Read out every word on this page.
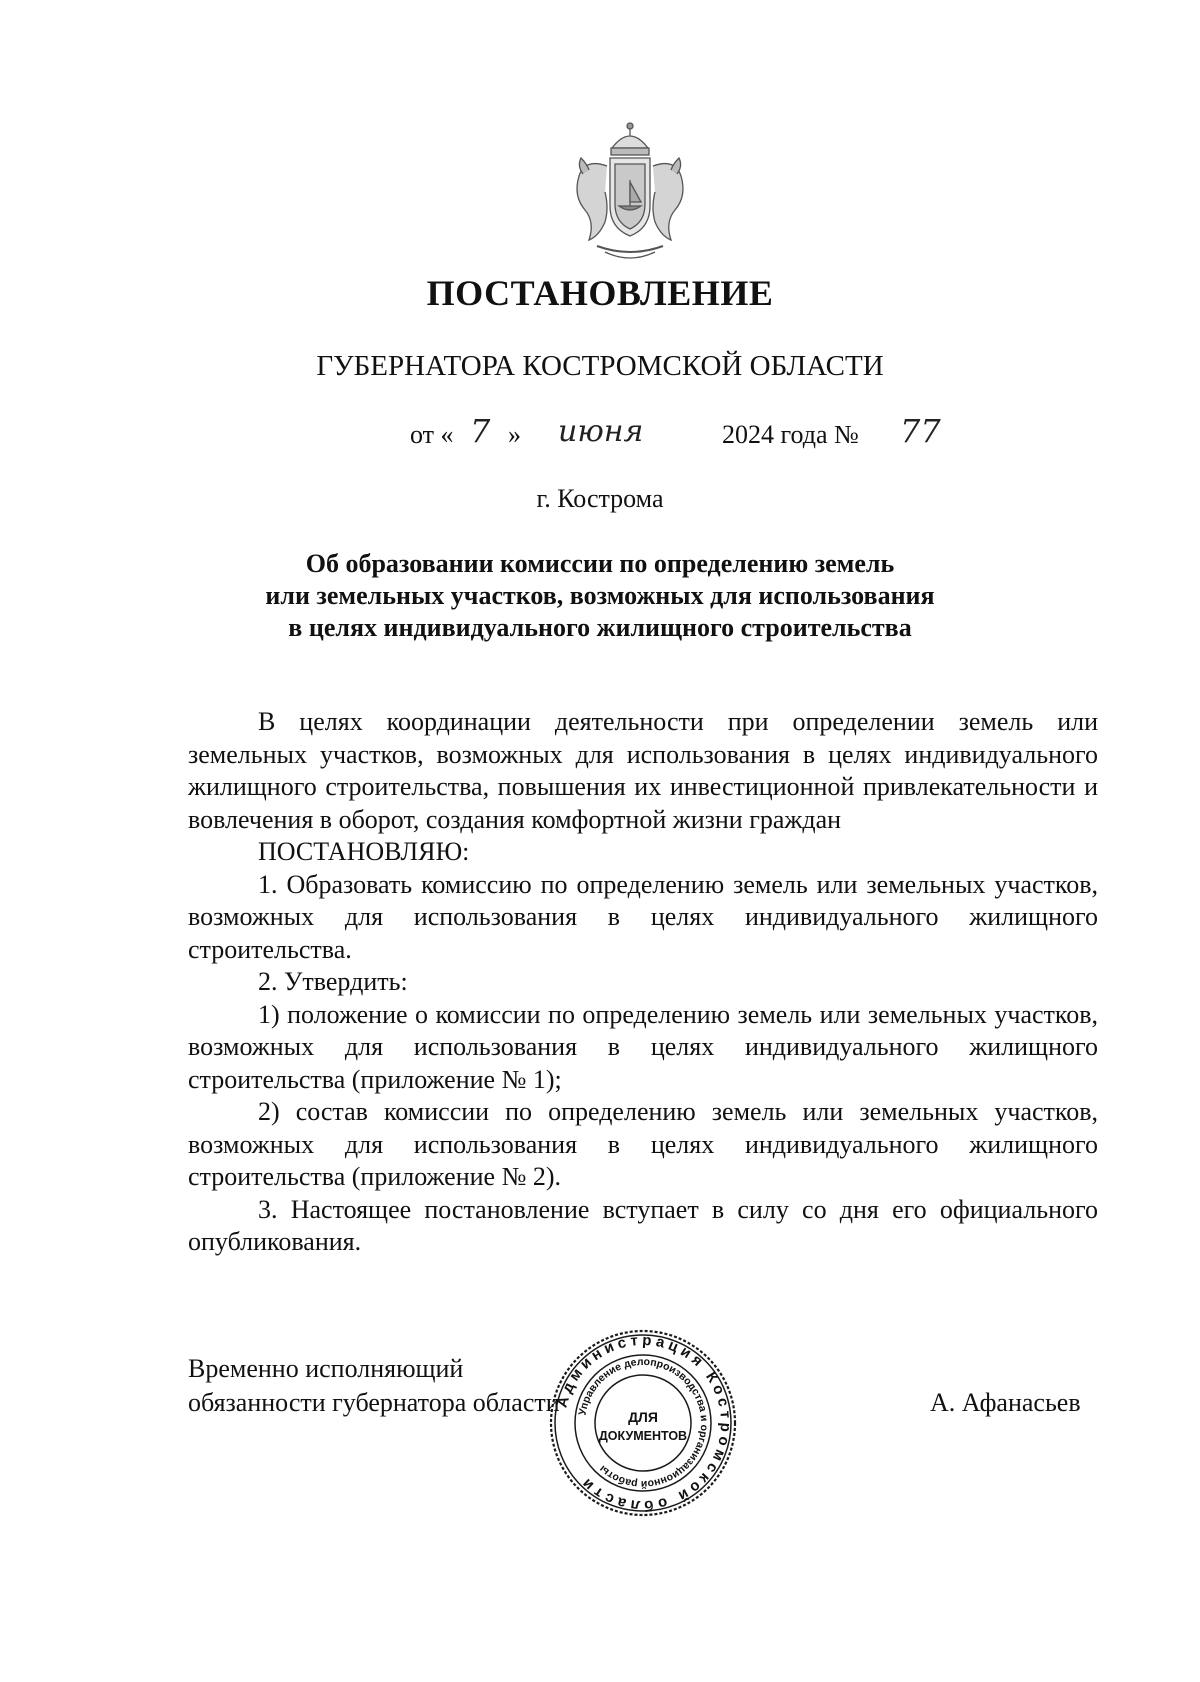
ПОСТАНОВЛЕНИЕ
ГУБЕРНАТОРА КОСТРОМСКОЙ ОБЛАСТИ
от « 7 » июня	2024 года № 77
г. Кострома
Об образовании комиссии по определению земель
или земельных участков, возможных для использования
в целях индивидуального жилищного строительства

В целях координации деятельности при определении земель или земельных участков, возможных для использования в целях индивидуального жилищного строительства, повышения их инвестиционной привлекательности и вовлечения в оборот, создания комфортной жизни граждан

ПОСТАНОВЛЯЮ:

1. Образовать комиссию по определению земель или земельных участков, возможных для использования в целях индивидуального жилищного строительства.

2. Утвердить:

1) положение о комиссии по определению земель или земельных участков, возможных для использования в целях индивидуального жилищного строительства (приложение № 1);

2) состав комиссии по определению земель или земельных участков, возможных для использования в целях индивидуального жилищного строительства (приложение № 2).

3. Настоящее постановление вступает в силу со дня его официального опубликования.

Временно исполняющий
обязанности губернатора области	А. Афанасьев
Администрация Костромской области
Управление делопроизводства и организационной работы
ДЛЯ
ДОКУМЕНТОВ
